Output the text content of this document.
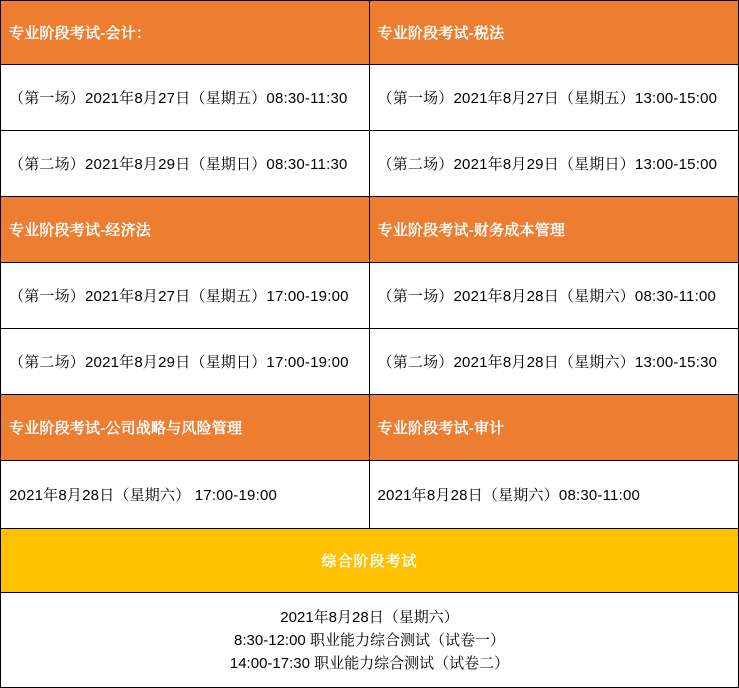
专业阶段考试-会计：	专业阶段考试-税法
（第一场）2021年8月27日（星期五）08:30-11:30	（第一场）2021年8月27日（星期五）13:00-15:00
（第二场）2021年8月29日（星期日）08:30-11:30	（第二场）2021年8月29日（星期日）13:00-15:00
专业阶段考试-经济法	专业阶段考试-财务成本管理
（第一场）2021年8月27日（星期五）17:00-19:00	（第一场）2021年8月28日（星期六）08:30-11:00
（第二场）2021年8月29日（星期日）17:00-19:00	（第二场）2021年8月28日（星期六）13:00-15:30
专业阶段考试-公司战略与风险管理	专业阶段考试-审计
2021年8月28日（星期六） 17:00-19:00	2021年8月28日（星期六）08:30-11:00
综合阶段考试
2021年8月28日（星期六）
8:30-12:00 职业能力综合测试（试卷一）
14:00-17:30 职业能力综合测试（试卷二）
